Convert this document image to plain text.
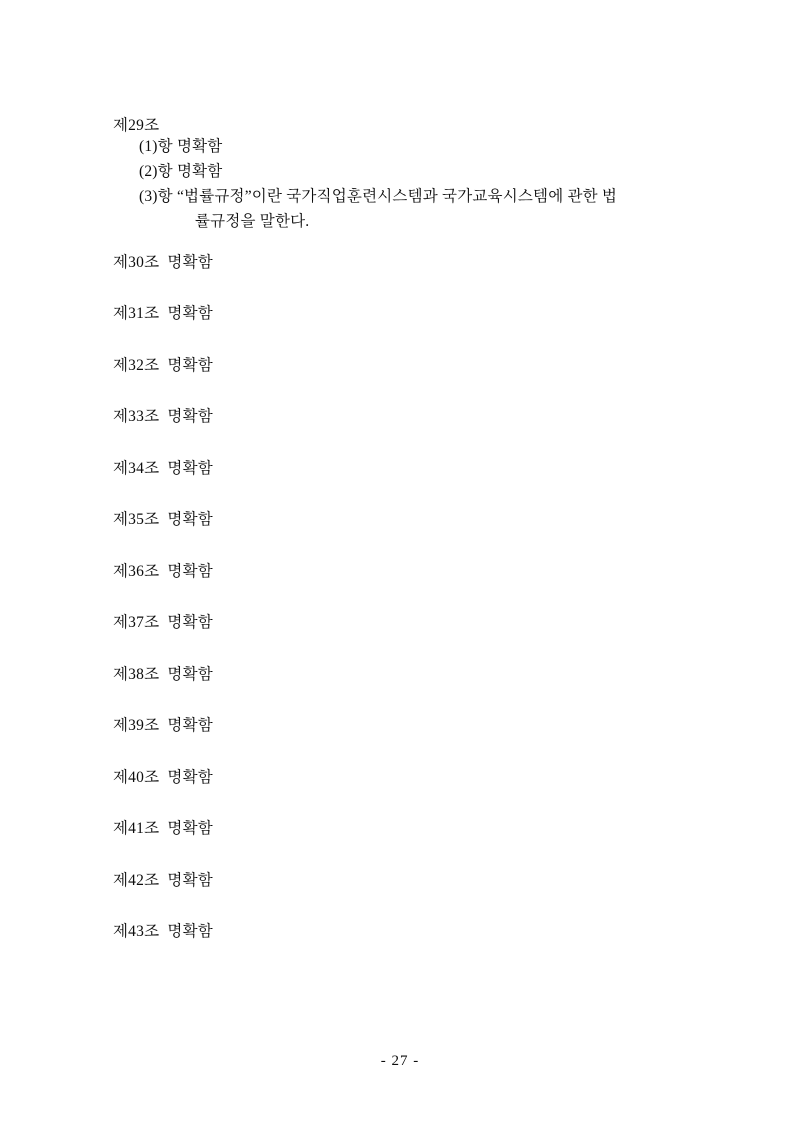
제29조
(1)항 명확함
(2)항 명확함
(3)항 “법률규정”이란 국가직업훈련시스템과 국가교육시스템에 관한 법
률규정을 말한다.
제30조  명확함
제31조  명확함
제32조  명확함
제33조  명확함
제34조  명확함
제35조  명확함
제36조  명확함
제37조  명확함
제38조  명확함
제39조  명확함
제40조  명확함
제41조  명확함
제42조  명확함
제43조  명확함
- 27 -
